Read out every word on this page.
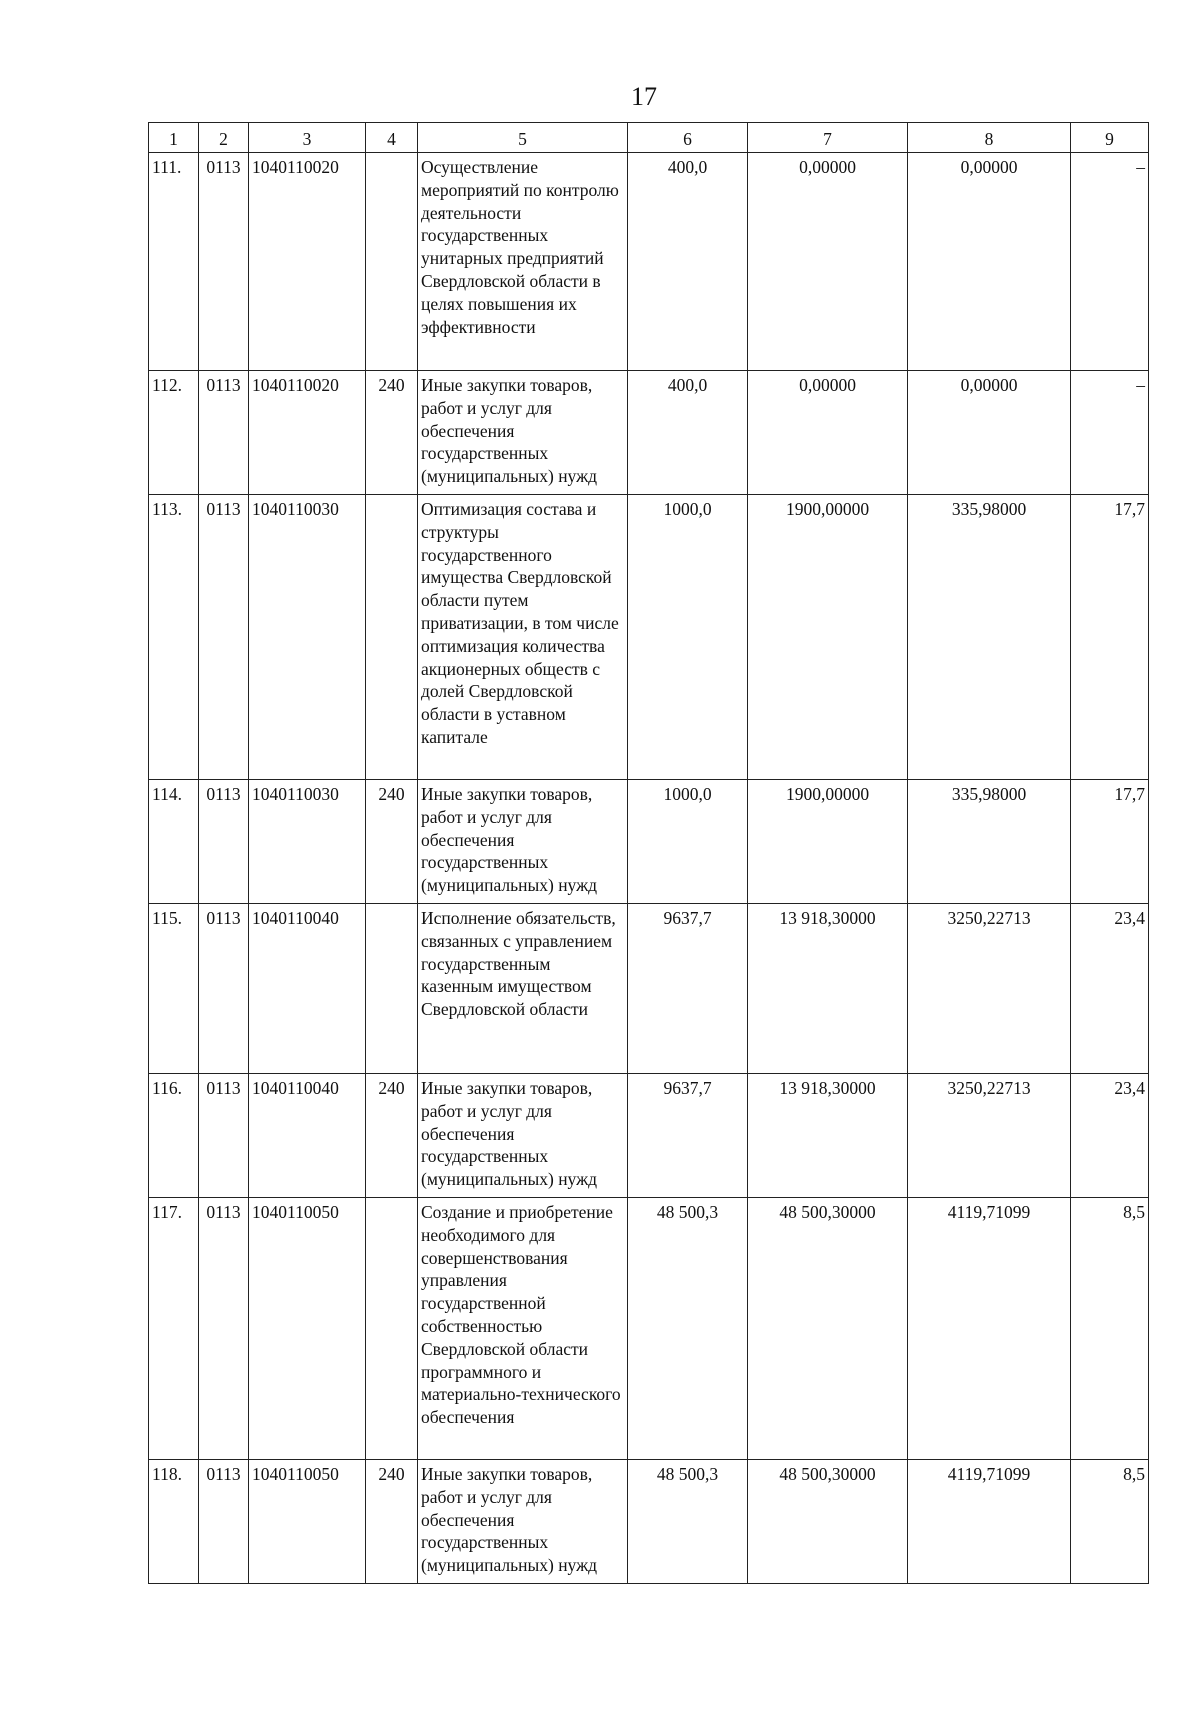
17
1	2	3	4	5	6	7	8	9
111.	0113	1040110020		Осуществление мероприятий по контролю деятельности государственных унитарных предприятий Свердловской области в целях повышения их эффективности	400,0	0,00000	0,00000	–
112.	0113	1040110020	240	Иные закупки товаров, работ и услуг для обеспечения государственных (муниципальных) нужд	400,0	0,00000	0,00000	–
113.	0113	1040110030		Оптимизация состава и структуры государственного имущества Свердловской области путем приватизации, в том числе оптимизация количества акционерных обществ с долей Свердловской области в уставном капитале	1000,0	1900,00000	335,98000	17,7
114.	0113	1040110030	240	Иные закупки товаров, работ и услуг для обеспечения государственных (муниципальных) нужд	1000,0	1900,00000	335,98000	17,7
115.	0113	1040110040		Исполнение обязательств, связанных с управлением государственным казенным имуществом Свердловской области	9637,7	13 918,30000	3250,22713	23,4
116.	0113	1040110040	240	Иные закупки товаров, работ и услуг для обеспечения государственных (муниципальных) нужд	9637,7	13 918,30000	3250,22713	23,4
117.	0113	1040110050		Создание и приобретение необходимого для совершенствования управления государственной собственностью Свердловской области программного и материально-технического обеспечения	48 500,3	48 500,30000	4119,71099	8,5
118.	0113	1040110050	240	Иные закупки товаров, работ и услуг для обеспечения государственных (муниципальных) нужд	48 500,3	48 500,30000	4119,71099	8,5
